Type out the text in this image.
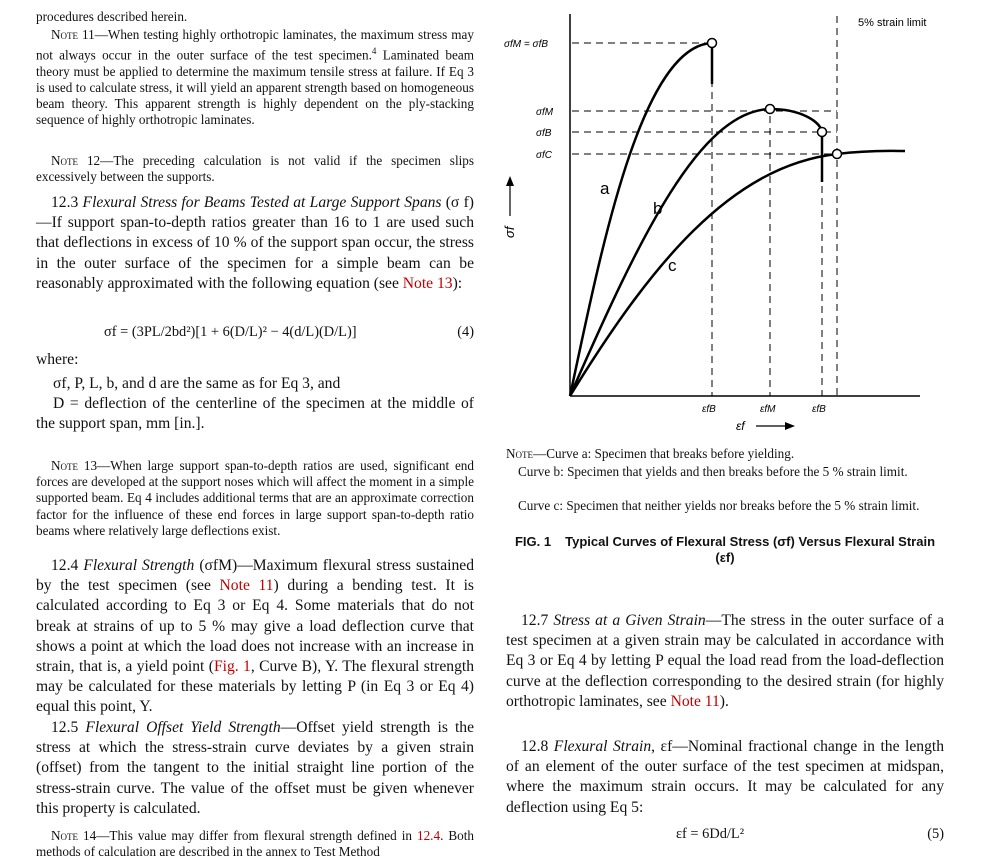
procedures described herein.

Note 11—When testing highly orthotropic laminates, the maximum stress may not always occur in the outer surface of the test specimen.$^4$ Laminated beam theory must be applied to determine the maximum tensile stress at failure. If Eq 3 is used to calculate stress, it will yield an apparent strength based on homogeneous beam theory. This apparent strength is highly dependent on the ply-stacking sequence of highly orthotropic laminates.

Note 12—The preceding calculation is not valid if the specimen slips excessively between the supports.

12.3 Flexural Stress for Beams Tested at Large Support Spans (σ f)—If support span-to-depth ratios greater than 16 to 1 are used such that deflections in excess of 10 % of the support span occur, the stress in the outer surface of the specimen for a simple beam can be reasonably approximated with the following equation (see Note 13):

σf = (3PL/2bd²)[1 + 6(D/L)² − 4(d/L)(D/L)]	(4)

where:

σf, P, L, b, and d are the same as for Eq 3, and
D = deflection of the centerline of the specimen at the middle of the support span, mm [in.].

Note 13—When large support span-to-depth ratios are used, significant end forces are developed at the support noses which will affect the moment in a simple supported beam. Eq 4 includes additional terms that are an approximate correction factor for the influence of these end forces in large support span-to-depth ratio beams where relatively large deflections exist.

12.4 Flexural Strength (σfM)—Maximum flexural stress sustained by the test specimen (see Note 11) during a bending test. It is calculated according to Eq 3 or Eq 4. Some materials that do not break at strains of up to 5 % may give a load deflection curve that shows a point at which the load does not increase with an increase in strain, that is, a yield point (Fig. 1, Curve B), Y. The flexural strength may be calculated for these materials by letting P (in Eq 3 or Eq 4) equal this point, Y.

12.5 Flexural Offset Yield Strength—Offset yield strength is the stress at which the stress-strain curve deviates by a given strain (offset) from the tangent to the initial straight line portion of the stress-strain curve. The value of the offset must be given whenever this property is calculated.

Note 14—This value may differ from flexural strength defined in 12.4. Both methods of calculation are described in the annex to Test Method

5% strain limit
a
b
c
σfM = σfB
σfM
σfB
σfC
σf
εfB	εfM	εfB
εf

Note—Curve a: Specimen that breaks before yielding.

Curve b: Specimen that yields and then breaks before the 5 % strain limit.

Curve c: Specimen that neither yields nor breaks before the 5 % strain limit.

FIG. 1 Typical Curves of Flexural Stress (σf) Versus Flexural Strain (εf)

12.7 Stress at a Given Strain—The stress in the outer surface of a test specimen at a given strain may be calculated in accordance with Eq 3 or Eq 4 by letting P equal the load read from the load-deflection curve at the deflection corresponding to the desired strain (for highly orthotropic laminates, see Note 11).

12.8 Flexural Strain, εf—Nominal fractional change in the length of an element of the outer surface of the test specimen at midspan, where the maximum strain occurs. It may be calculated for any deflection using Eq 5:

εf = 6Dd/L²	(5)
